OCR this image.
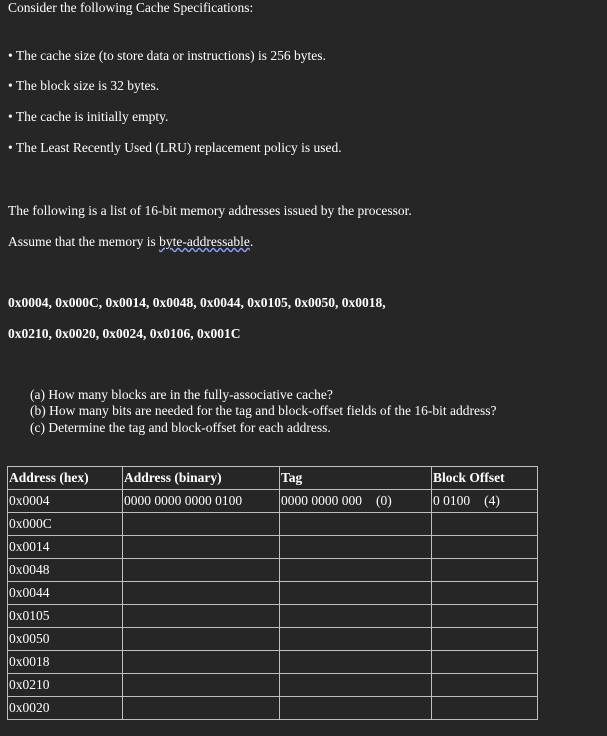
Consider the following Cache Specifications:
• The cache size (to store data or instructions) is 256 bytes.
• The block size is 32 bytes.
• The cache is initially empty.
• The Least Recently Used (LRU) replacement policy is used.
The following is a list of 16-bit memory addresses issued by the processor.
Assume that the memory is byte-addressable.
0x0004, 0x000C, 0x0014, 0x0048, 0x0044, 0x0105, 0x0050, 0x0018,
0x0210, 0x0020, 0x0024, 0x0106, 0x001C
(a) How many blocks are in the fully-associative cache?
(b) How many bits are needed for the tag and block-offset fields of the 16-bit address?
(c) Determine the tag and block-offset for each address.
Address (hex)	Address (binary)	Tag	Block Offset
0x0004	0000 0000 0000 0100	0000 0000 000 (0)	0 0100 (4)
0x000C			
0x0014			
0x0048			
0x0044			
0x0105			
0x0050			
0x0018			
0x0210			
0x0020			
